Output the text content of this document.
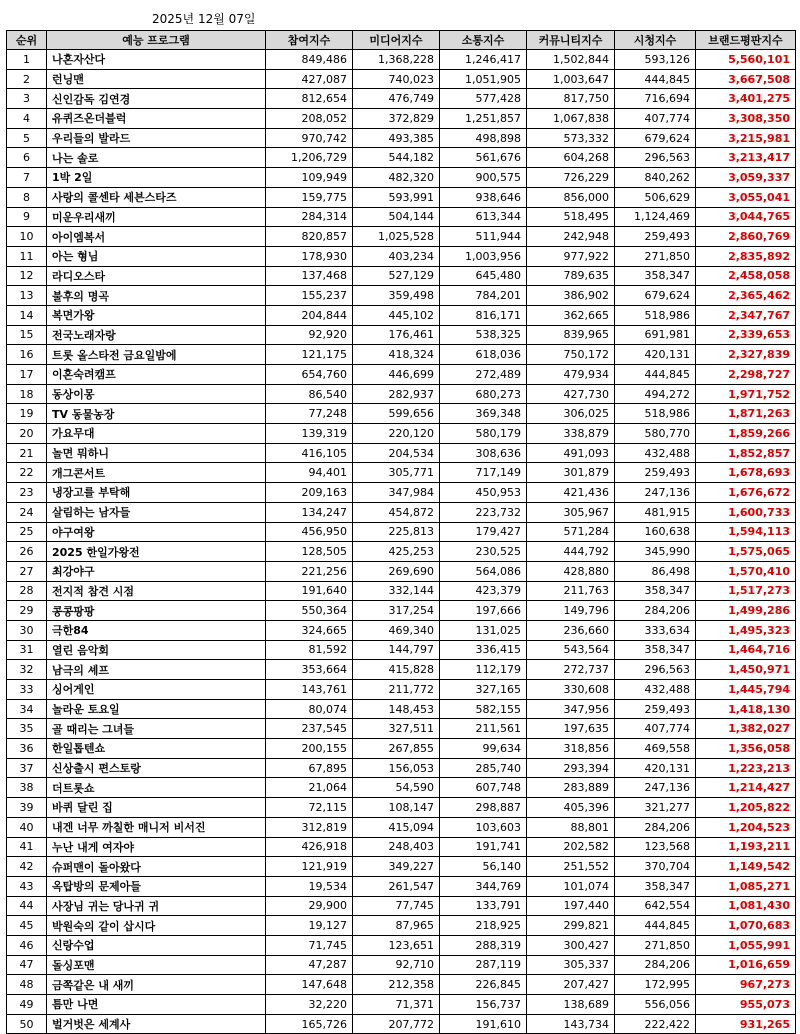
2025년 12월 07일
순위	예능 프로그램	참여지수	미디어지수	소통지수	커뮤니티지수	시청지수	브랜드평판지수
1	나혼자산다	849,486	1,368,228	1,246,417	1,502,844	593,126	5,560,101
2	런닝맨	427,087	740,023	1,051,905	1,003,647	444,845	3,667,508
3	신인감독 김연경	812,654	476,749	577,428	817,750	716,694	3,401,275
4	유퀴즈온더블럭	208,052	372,829	1,251,857	1,067,838	407,774	3,308,350
5	우리들의 발라드	970,742	493,385	498,898	573,332	679,624	3,215,981
6	나는 솔로	1,206,729	544,182	561,676	604,268	296,563	3,213,417
7	1박 2일	109,949	482,320	900,575	726,229	840,262	3,059,337
8	사랑의 콜센타 세븐스타즈	159,775	593,991	938,646	856,000	506,629	3,055,041
9	미운우리새끼	284,314	504,144	613,344	518,495	1,124,469	3,044,765
10	아이엠복서	820,857	1,025,528	511,944	242,948	259,493	2,860,769
11	아는 형님	178,930	403,234	1,003,956	977,922	271,850	2,835,892
12	라디오스타	137,468	527,129	645,480	789,635	358,347	2,458,058
13	불후의 명곡	155,237	359,498	784,201	386,902	679,624	2,365,462
14	복면가왕	204,844	445,102	816,171	362,665	518,986	2,347,767
15	전국노래자랑	92,920	176,461	538,325	839,965	691,981	2,339,653
16	트롯 올스타전 금요일밤에	121,175	418,324	618,036	750,172	420,131	2,327,839
17	이혼숙려캠프	654,760	446,699	272,489	479,934	444,845	2,298,727
18	동상이몽	86,540	282,937	680,273	427,730	494,272	1,971,752
19	TV 동물농장	77,248	599,656	369,348	306,025	518,986	1,871,263
20	가요무대	139,319	220,120	580,179	338,879	580,770	1,859,266
21	놀면 뭐하니	416,105	204,534	308,636	491,093	432,488	1,852,857
22	개그콘서트	94,401	305,771	717,149	301,879	259,493	1,678,693
23	냉장고를 부탁해	209,163	347,984	450,953	421,436	247,136	1,676,672
24	살림하는 남자들	134,247	454,872	223,732	305,967	481,915	1,600,733
25	야구여왕	456,950	225,813	179,427	571,284	160,638	1,594,113
26	2025 한일가왕전	128,505	425,253	230,525	444,792	345,990	1,575,065
27	최강야구	221,256	269,690	564,086	428,880	86,498	1,570,410
28	전지적 참견 시점	191,640	332,144	423,379	211,763	358,347	1,517,273
29	콩콩팡팡	550,364	317,254	197,666	149,796	284,206	1,499,286
30	극한84	324,665	469,340	131,025	236,660	333,634	1,495,323
31	열린 음악회	81,592	144,797	336,415	543,564	358,347	1,464,716
32	남극의 셰프	353,664	415,828	112,179	272,737	296,563	1,450,971
33	싱어게인	143,761	211,772	327,165	330,608	432,488	1,445,794
34	놀라운 토요일	80,074	148,453	582,155	347,956	259,493	1,418,130
35	골 때리는 그녀들	237,545	327,511	211,561	197,635	407,774	1,382,027
36	한일톱텐쇼	200,155	267,855	99,634	318,856	469,558	1,356,058
37	신상출시 편스토랑	67,895	156,053	285,740	293,394	420,131	1,223,213
38	더트롯쇼	21,064	54,590	607,748	283,889	247,136	1,214,427
39	바퀴 달린 집	72,115	108,147	298,887	405,396	321,277	1,205,822
40	내겐 너무 까칠한 매니저 비서진	312,819	415,094	103,603	88,801	284,206	1,204,523
41	누난 내게 여자야	426,918	248,403	191,741	202,582	123,568	1,193,211
42	슈퍼맨이 돌아왔다	121,919	349,227	56,140	251,552	370,704	1,149,542
43	옥탑방의 문제아들	19,534	261,547	344,769	101,074	358,347	1,085,271
44	사장님 귀는 당나귀 귀	29,900	77,745	133,791	197,440	642,554	1,081,430
45	박원숙의 같이 삽시다	19,127	87,965	218,925	299,821	444,845	1,070,683
46	신랑수업	71,745	123,651	288,319	300,427	271,850	1,055,991
47	돌싱포맨	47,287	92,710	287,119	305,337	284,206	1,016,659
48	금쪽같은 내 새끼	147,648	212,358	226,845	207,427	172,995	967,273
49	틈만 나면	32,220	71,371	156,737	138,689	556,056	955,073
50	벌거벗은 세계사	165,726	207,772	191,610	143,734	222,422	931,265
